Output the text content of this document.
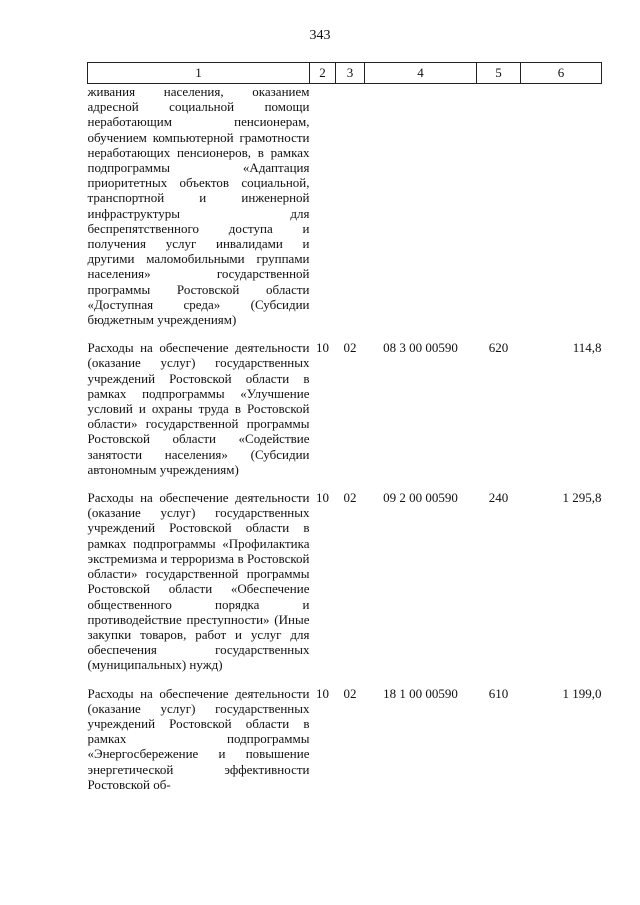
343
1	2	3	4	5	6
живания населения, оказанием адресной социальной помощи неработающим пенсионерам, обучением компьютерной грамотности неработающих пенсионеров, в рамках подпрограммы «Адаптация приоритетных объектов социальной, транспортной и инженерной инфраструктуры для беспрепятственного доступа и получения услуг инвалидами и другими маломобильными группами населения» государственной программы Ростовской области «Доступная среда» (Субсидии бюджетным учреждениям)					
Расходы на обеспечение деятельности (оказание услуг) государственных учреждений Ростовской области в рамках подпрограммы «Улучшение условий и охраны труда в Ростовской области» государственной программы Ростовской области «Содействие занятости населения» (Субсидии автономным учреждениям)	10	02	08 3 00 00590	620	114,8
Расходы на обеспечение деятельности (оказание услуг) государственных учреждений Ростовской области в рамках подпрограммы «Профилактика экстремизма и терроризма в Ростовской области» государственной программы Ростовской области «Обеспечение общественного порядка и противодействие преступности» (Иные закупки товаров, работ и услуг для обеспечения государственных (муниципальных) нужд)	10	02	09 2 00 00590	240	1 295,8
Расходы на обеспечение деятельности (оказание услуг) государственных учреждений Ростовской области в рамках подпрограммы «Энергосбережение и повышение энергетической эффективности Ростовской об-	10	02	18 1 00 00590	610	1 199,0
